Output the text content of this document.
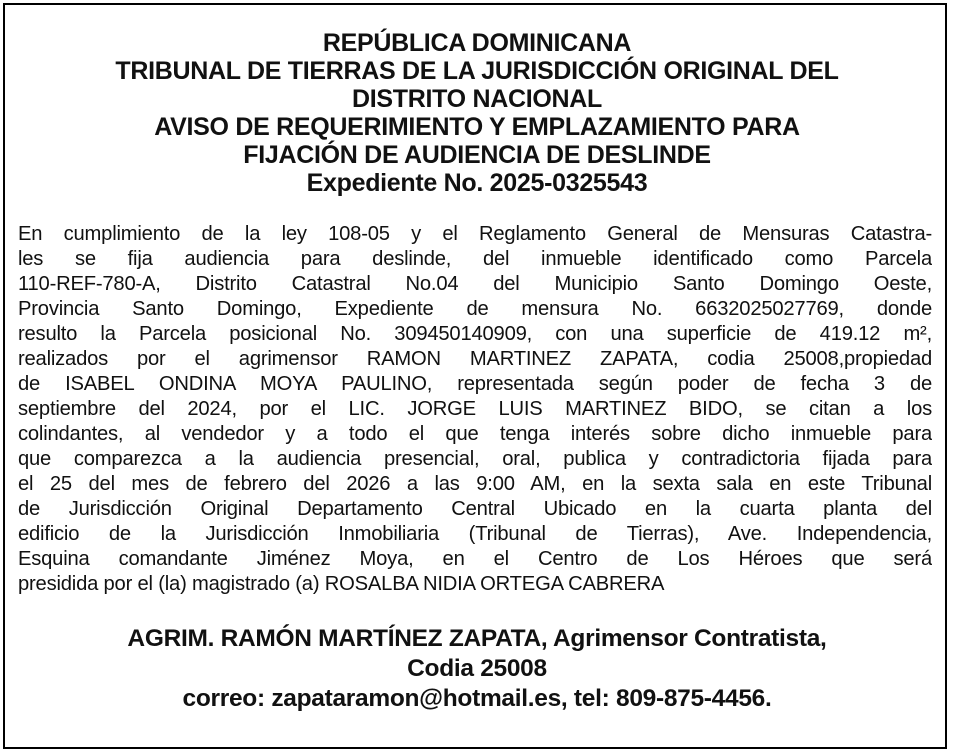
REPÚBLICA DOMINICANA
TRIBUNAL DE TIERRAS DE LA JURISDICCIÓN ORIGINAL DEL
DISTRITO NACIONAL
AVISO DE REQUERIMIENTO Y EMPLAZAMIENTO PARA
FIJACIÓN DE AUDIENCIA DE DESLINDE
Expediente No. 2025-0325543
En cumplimiento de la ley 108-05 y el Reglamento General de Mensuras Catastra-
les se fija audiencia para deslinde, del inmueble identificado como Parcela
110-REF-780-A, Distrito Catastral No.04 del Municipio Santo Domingo Oeste,
Provincia Santo Domingo, Expediente de mensura No. 6632025027769, donde
resulto la Parcela posicional No. 309450140909, con una superficie de 419.12 m²,
realizados por el agrimensor RAMON MARTINEZ ZAPATA, codia 25008,propiedad
de ISABEL ONDINA MOYA PAULINO, representada según poder de fecha 3 de
septiembre del 2024, por el LIC. JORGE LUIS MARTINEZ BIDO, se citan a los
colindantes, al vendedor y a todo el que tenga interés sobre dicho inmueble para
que comparezca a la audiencia presencial, oral, publica y contradictoria fijada para
el 25 del mes de febrero del 2026 a las 9:00 AM, en la sexta sala en este Tribunal
de Jurisdicción Original Departamento Central Ubicado en la cuarta planta del
edificio de la Jurisdicción Inmobiliaria (Tribunal de Tierras), Ave. Independencia,
Esquina comandante Jiménez Moya, en el Centro de Los Héroes que será
presidida por el (la) magistrado (a) ROSALBA NIDIA ORTEGA CABRERA
AGRIM. RAMÓN MARTÍNEZ ZAPATA, Agrimensor Contratista,
Codia 25008
correo: zapataramon@hotmail.es, tel: 809-875-4456.
